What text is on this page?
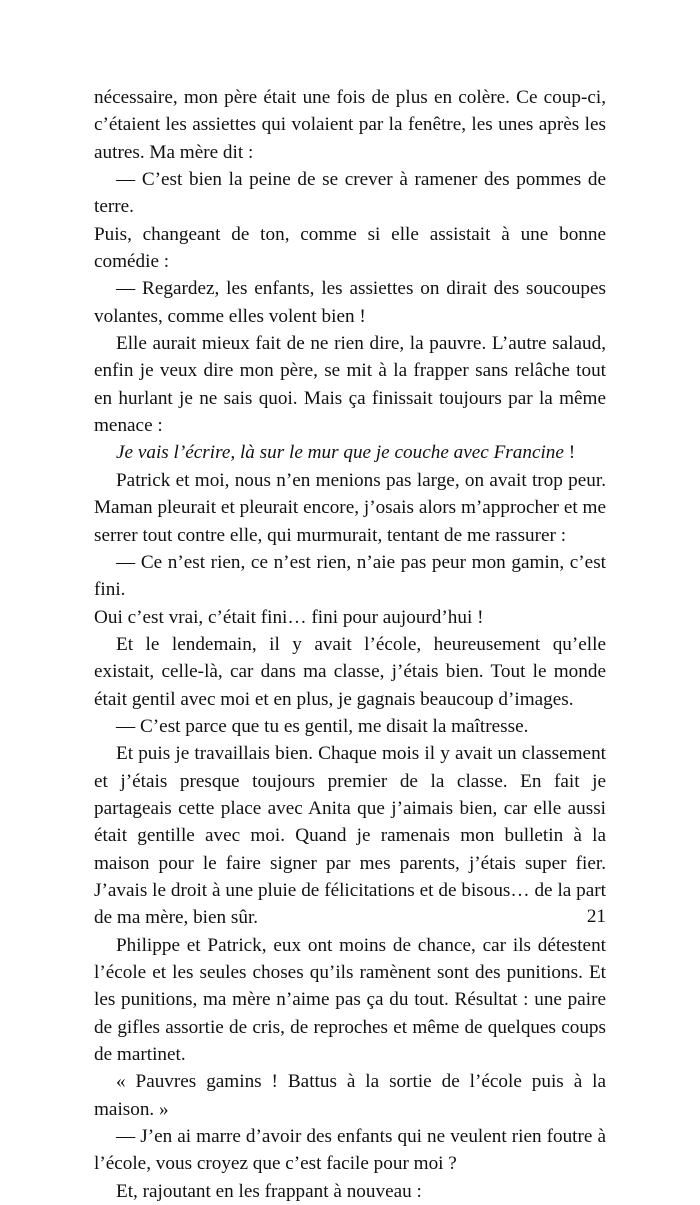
nécessaire, mon père était une fois de plus en colère. Ce coup-ci, c’étaient les assiettes qui volaient par la fenêtre, les unes après les autres. Ma mère dit :

— C’est bien la peine de se crever à ramener des pommes de terre.

Puis, changeant de ton, comme si elle assistait à une bonne comédie :

— Regardez, les enfants, les assiettes on dirait des soucoupes volantes, comme elles volent bien !

Elle aurait mieux fait de ne rien dire, la pauvre. L’autre salaud, enfin je veux dire mon père, se mit à la frapper sans relâche tout en hurlant je ne sais quoi. Mais ça finissait toujours par la même menace :

Je vais l’écrire, là sur le mur que je couche avec Francine !

Patrick et moi, nous n’en menions pas large, on avait trop peur. Maman pleurait et pleurait encore, j’osais alors m’approcher et me serrer tout contre elle, qui murmurait, tentant de me rassurer :

— Ce n’est rien, ce n’est rien, n’aie pas peur mon gamin, c’est fini.

Oui c’est vrai, c’était fini… fini pour aujourd’hui !

Et le lendemain, il y avait l’école, heureusement qu’elle existait, celle-là, car dans ma classe, j’étais bien. Tout le monde était gentil avec moi et en plus, je gagnais beaucoup d’images.

— C’est parce que tu es gentil, me disait la maîtresse.

Et puis je travaillais bien. Chaque mois il y avait un classement et j’étais presque toujours premier de la classe. En fait je partageais cette place avec Anita que j’aimais bien, car elle aussi était gentille avec moi. Quand je ramenais mon bulletin à la maison pour le faire signer par mes parents, j’étais super fier. J’avais le droit à une pluie de félicitations et de bisous… de la part de ma mère, bien sûr.

Philippe et Patrick, eux ont moins de chance, car ils détestent l’école et les seules choses qu’ils ramènent sont des punitions. Et les punitions, ma mère n’aime pas ça du tout. Résultat : une paire de gifles assortie de cris, de reproches et même de quelques coups de martinet.

« Pauvres gamins ! Battus à la sortie de l’école puis à la maison. »

— J’en ai marre d’avoir des enfants qui ne veulent rien foutre à l’école, vous croyez que c’est facile pour moi ?

Et, rajoutant en les frappant à nouveau :

21
